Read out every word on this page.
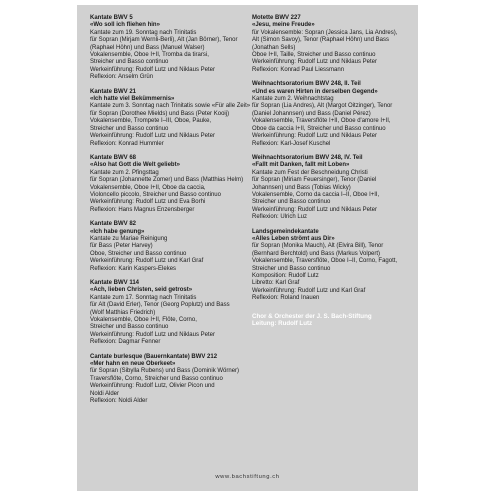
Kantate BWV 5

«Wo soll ich fliehen hin»

Kantate zum 19. Sonntag nach Trinitatis

für Sopran (Mirjam Wernli-Berli), Alt (Jan Börner), Tenor

(Raphael Höhn) und Bass (Manuel Walser)

Vokalensemble, Oboe I+II, Tromba da tirarsi,

Streicher und Basso continuo

Werkeinführung: Rudolf Lutz und Niklaus Peter

Reflexion: Anselm Grün

Kantate BWV 21

«Ich hatte viel Bekümmernis»

Kantate zum 3. Sonntag nach Trinitatis sowie «Für alle Zeit»

für Sopran (Dorothee Mields) und Bass (Peter Kooij)

Vokalensemble, Trompete I–III, Oboe, Pauke,

Streicher und Basso continuo

Werkeinführung: Rudolf Lutz und Niklaus Peter

Reflexion: Konrad Hummler

Kantate BWV 68

«Also hat Gott die Welt geliebt»

Kantate zum 2. Pfingsttag

für Sopran (Johannette Zomer) und Bass (Matthias Helm)

Vokalensemble, Oboe I+II, Oboe da caccia,

Violoncello piccolo, Streicher und Basso continuo

Werkeinführung: Rudolf Lutz und Eva Borhi

Reflexion: Hans Magnus Enzensberger

Kantate BWV 82

«Ich habe genung»

Kantate zu Mariae Reinigung

für Bass (Peter Harvey)

Oboe, Streicher und Basso continuo

Werkeinführung: Rudolf Lutz und Karl Graf

Reflexion: Karin Kaspers-Elekes

Kantate BWV 114

«Ach, lieben Christen, seid getrost»

Kantate zum 17. Sonntag nach Trinitatis

für Alt (David Erler), Tenor (Georg Poplutz) und Bass

(Wolf Matthias Friedrich)

Vokalensemble, Oboe I+II, Flöte, Corno,

Streicher und Basso continuo

Werkeinführung: Rudolf Lutz und Niklaus Peter

Reflexion: Dagmar Fenner

Cantate burlesque (Bauernkantate) BWV 212

«Mer hahn en neue Oberkeet»

für Sopran (Sibylla Rubens) und Bass (Dominik Wörner)

Traversflöte, Corno, Streicher und Basso continuo

Werkeinführung: Rudolf Lutz, Olivier Picon und

Noldi Alder

Reflexion: Noldi Alder

Motette BWV 227

«Jesu, meine Freude»

für Vokalensemble: Sopran (Jessica Jans, Lia Andres),

Alt (Simon Savoy), Tenor (Raphael Höhn) und Bass

(Jonathan Sells)

Oboe I+II, Taille, Streicher und Basso continuo

Werkeinführung: Rudolf Lutz und Niklaus Peter

Reflexion: Konrad Paul Liessmann

Weihnachtsoratorium BWV 248, II. Teil

«Und es waren Hirten in derselben Gegend»

Kantate zum 2. Weihnachtstag

für Sopran (Lia Andres), Alt (Margot Oitzinger), Tenor

(Daniel Johannsen) und Bass (Daniel Pérez)

Vokalensemble, Traversflöte I+II, Oboe d'amore I+II,

Oboe da caccia I+II, Streicher und Basso continuo

Werkeinführung: Rudolf Lutz und Niklaus Peter

Reflexion: Karl-Josef Kuschel

Weihnachtsoratorium BWV 248, IV. Teil

«Fallt mit Danken, fallt mit Loben»

Kantate zum Fest der Beschneidung Christi

für Sopran (Miriam Feuersinger), Tenor (Daniel

Johannsen) und Bass (Tobias Wicky)

Vokalensemble, Corno da caccia I–II, Oboe I+II,

Streicher und Basso continuo

Werkeinführung: Rudolf Lutz und Niklaus Peter

Reflexion: Ulrich Luz

Landsgemeindekantate

«Alles Leben strömt aus Dir»

für Sopran (Monika Mauch), Alt (Elvira Bill), Tenor

(Bernhard Berchtold) und Bass (Markus Volpert)

Vokalensemble, Traversflöte, Oboe I–II, Corno, Fagott,

Streicher und Basso continuo

Komposition: Rudolf Lutz

Libretto: Karl Graf

Werkeinführung: Rudolf Lutz und Karl Graf

Reflexion: Roland Inauen

Chor & Orchester der J. S. Bach-Stiftung

Leitung: Rudolf Lutz

www.bachstiftung.ch
